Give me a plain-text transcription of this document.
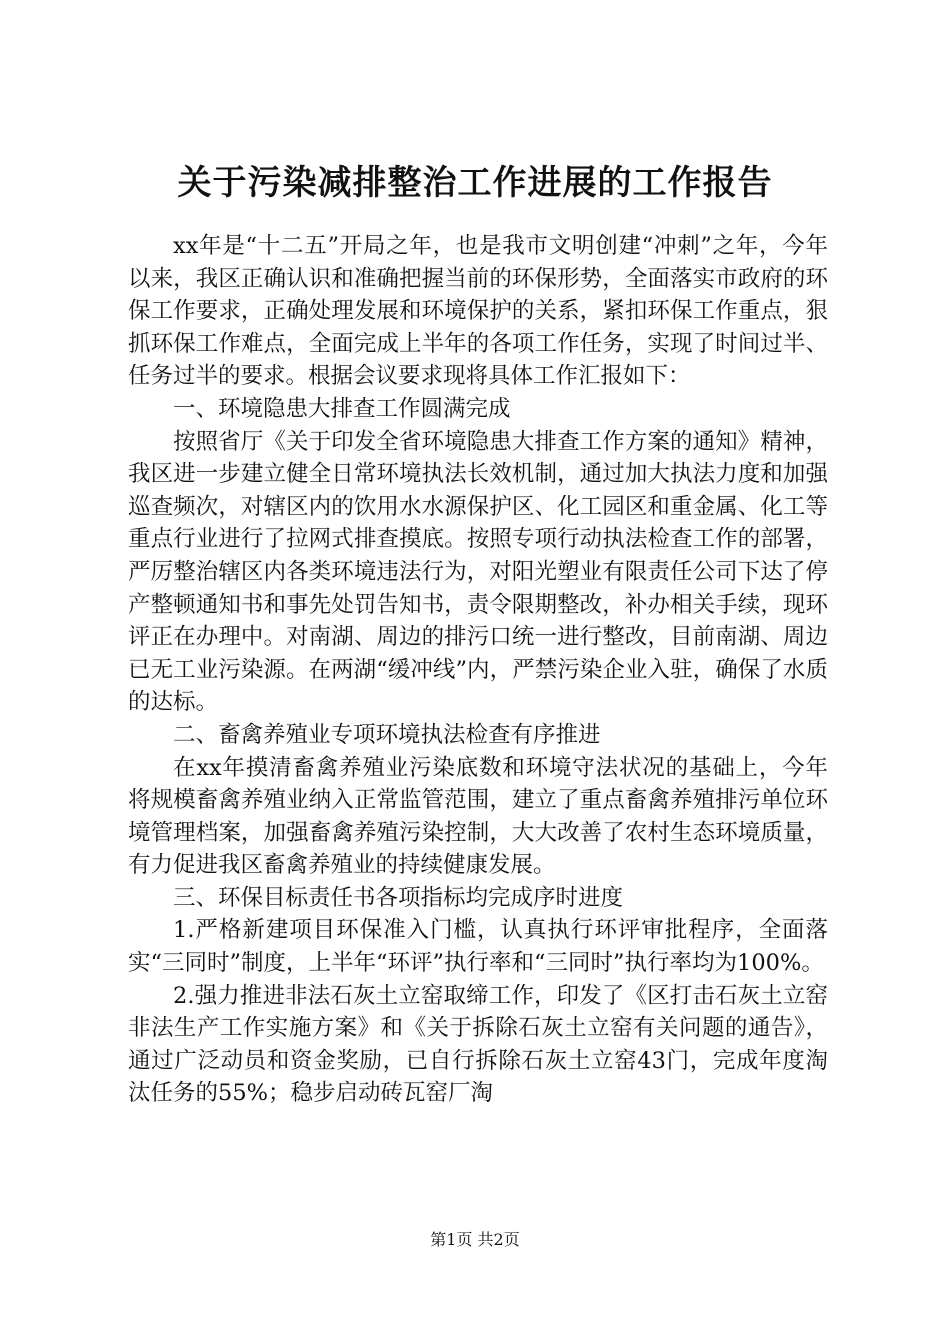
关于污染减排整治工作进展的工作报告

xx年是“十二五”开局之年，也是我市文明创建“冲刺”之年，今年以来，我区正确认识和准确把握当前的环保形势，全面落实市政府的环保工作要求，正确处理发展和环境保护的关系，紧扣环保工作重点，狠抓环保工作难点，全面完成上半年的各项工作任务，实现了时间过半、任务过半的要求。根据会议要求现将具体工作汇报如下：

一、环境隐患大排查工作圆满完成

按照省厅《关于印发全省环境隐患大排查工作方案的通知》精神，我区进一步建立健全日常环境执法长效机制，通过加大执法力度和加强巡查频次，对辖区内的饮用水水源保护区、化工园区和重金属、化工等重点行业进行了拉网式排查摸底。按照专项行动执法检查工作的部署，严厉整治辖区内各类环境违法行为，对阳光塑业有限责任公司下达了停产整顿通知书和事先处罚告知书，责令限期整改，补办相关手续，现环评正在办理中。对南湖、周边的排污口统一进行整改，目前南湖、周边已无工业污染源。在两湖“缓冲线”内，严禁污染企业入驻，确保了水质的达标。

二、畜禽养殖业专项环境执法检查有序推进

在xx年摸清畜禽养殖业污染底数和环境守法状况的基础上，今年将规模畜禽养殖业纳入正常监管范围，建立了重点畜禽养殖排污单位环境管理档案，加强畜禽养殖污染控制，大大改善了农村生态环境质量，有力促进我区畜禽养殖业的持续健康发展。

三、环保目标责任书各项指标均完成序时进度

1.严格新建项目环保准入门槛，认真执行环评审批程序，全面落实“三同时”制度，上半年“环评”执行率和“三同时”执行率均为100%。

2.强力推进非法石灰土立窑取缔工作，印发了《区打击石灰土立窑非法生产工作实施方案》和《关于拆除石灰土立窑有关问题的通告》，通过广泛动员和资金奖励，已自行拆除石灰土立窑43门，完成年度淘汰任务的55%；稳步启动砖瓦窑厂淘

第1页 共2页
